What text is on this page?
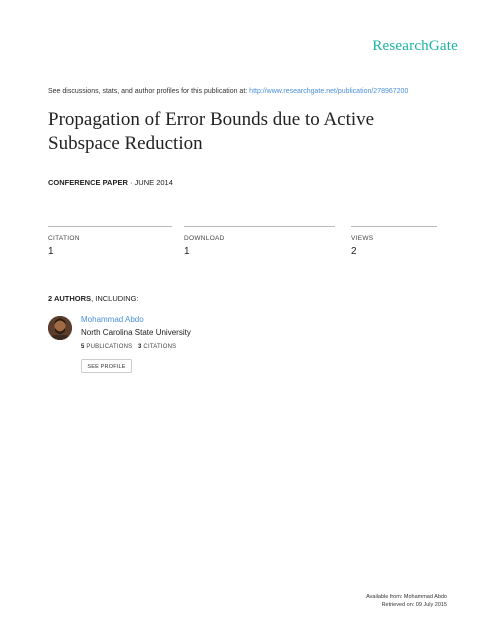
ResearchGate
See discussions, stats, and author profiles for this publication at: http://www.researchgate.net/publication/278967200
Propagation of Error Bounds due to Active
Subspace Reduction
CONFERENCE PAPER · JUNE 2014
CITATION
1
DOWNLOAD
1
VIEWS
2
2 AUTHORS, INCLUDING:
Mohammad Abdo
North Carolina State University
5 PUBLICATIONS 3 CITATIONS
SEE PROFILE
Available from: Mohammad Abdo
Retrieved on: 09 July 2015
